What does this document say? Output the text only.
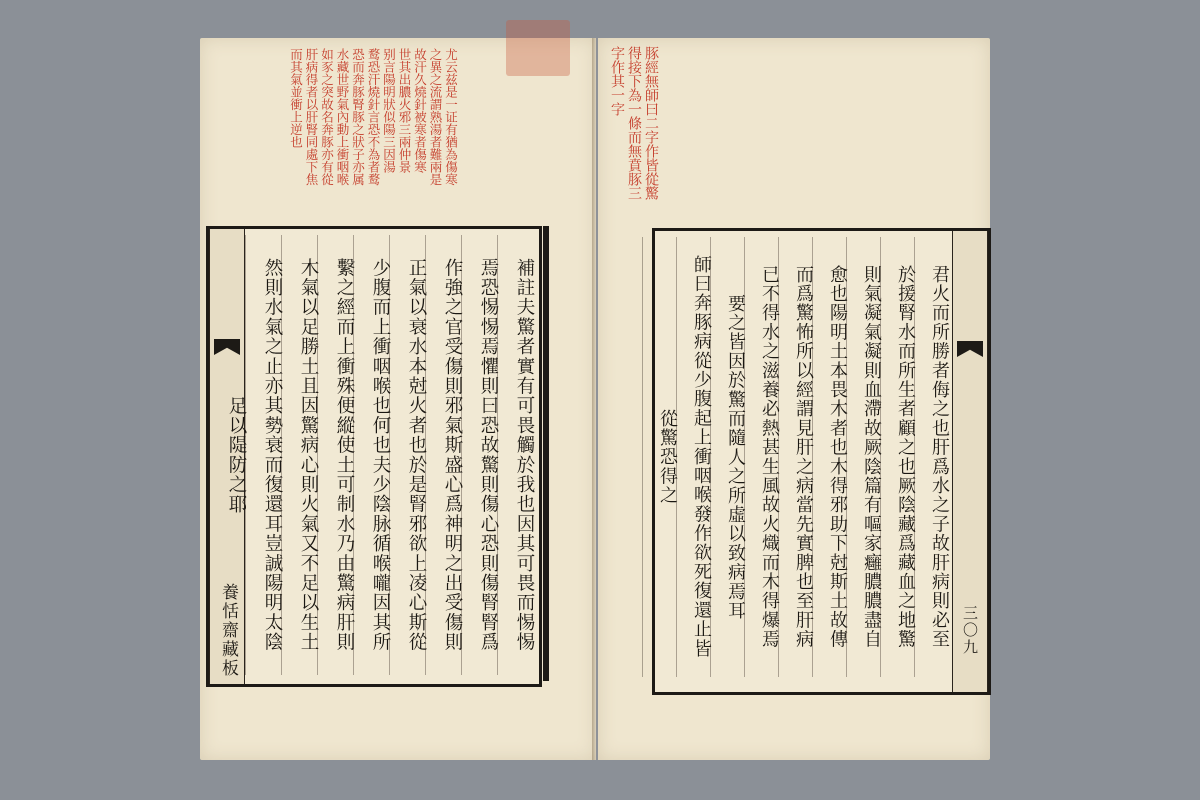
尤云兹是一证有猶為傷寒
之異之流謂熟湯者難兩是
故汗久燒針被寒者傷寒
世其出膿火邪三兩仲景
别言陽明狀似陽三因湯
鹜恐汗燒針言恐不為者鹜
恐而奔豚腎豚之狀子亦属
水藏世野氣內動上衝咽喉
如豕之突故名奔豚亦有從
肝病得者以肝腎同處下焦
而其氣並衝上逆也
養恬齋藏板	補註夫驚者實有可畏觸於我也因其可畏而惕惕
焉恐惕惕焉懼則曰恐故驚則傷心恐則傷腎腎爲
作強之官受傷則邪氣斯盛心爲神明之出受傷則
正氣以衰水本尅火者也於是腎邪欲上凌心斯從
少腹而上衝咽喉也何也夫少陰脉循喉嚨因其所
繫之經而上衝殊便縱使土可制水乃由驚病肝則
木氣以足勝土且因驚病心則火氣又不足以生土
然則水氣之止亦其勢衰而復還耳豈誠陽明太陰
足以隄防之耶
豚經無師曰二字作皆從驚
得接下為一條而無賁豚三
字作其一字
三〇九
君火而所勝者侮之也肝爲水之子故肝病則必至
於援腎水而所生者顧之也厥陰藏爲藏血之地驚
則氣凝氣凝則血滯故厥陰篇有嘔家癰膿膿盡自
愈也陽明土本畏木者也木得邪助下尅斯土故傳
而爲驚怖所以經謂見肝之病當先實脾也至肝病
已不得水之滋養必熱甚生風故火熾而木得爆焉
要之皆因於驚而隨人之所虛以致病焉耳
師曰奔豚病從少腹起上衝咽喉發作欲死復還止皆
從驚恐得之
